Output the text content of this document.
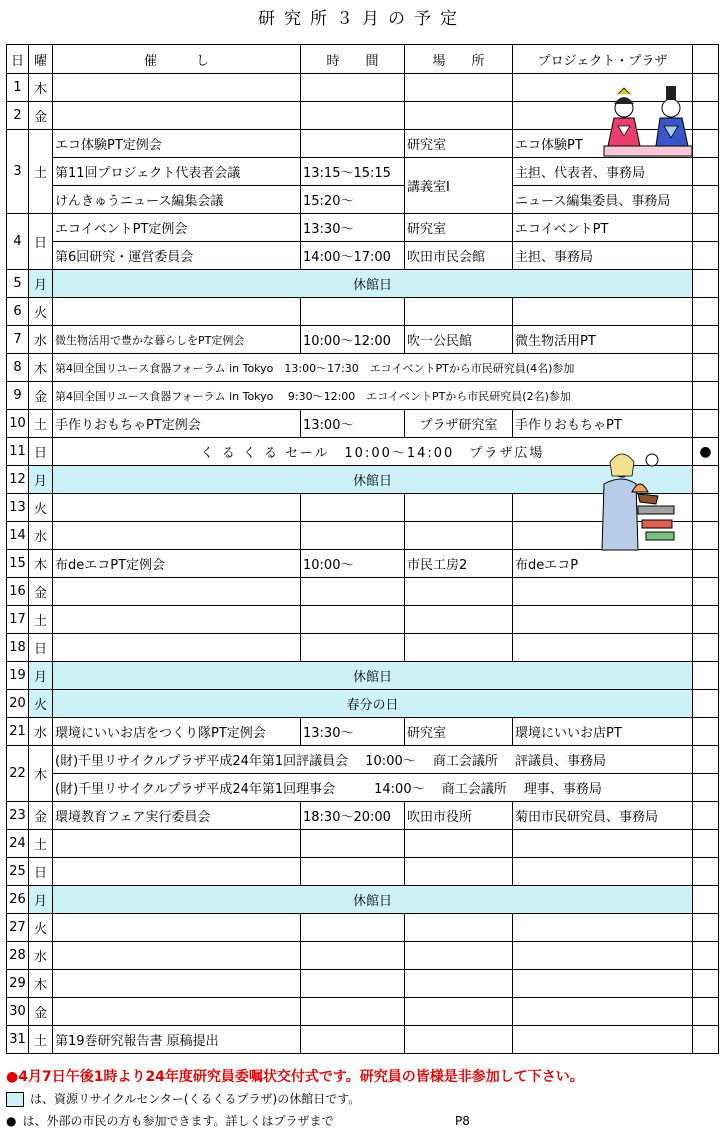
研究所３月の予定
日	曜	催　　　し	時　　間	場　　所	プロジェクト・プラザ	
1	木					
2	金					
3	土	エコ体験PT定例会		研究室	エコ体験PT	
		第11回プロジェクト代表者会議	13:15～15:15	講義室Ⅰ	主担、代表者、事務局	
		けんきゅうニュース編集会議	15:20～		ニュース編集委員、事務局	
4	日	エコイベントPT定例会	13:30～	研究室	エコイベントPT	
		第6回研究・運営委員会	14:00～17:00	吹田市民会館	主担、事務局	
5	月	休館日				
6	火					
7	水	微生物活用で豊かな暮らしをPT定例会	10:00～12:00	吹一公民館	微生物活用PT	
8	木	第4回全国リユース食器フォーラム in Tokyo　13:00～17:30　エコイベントPTから市民研究員(4名)参加				
9	金	第4回全国リユース食器フォーラム in Tokyo　 9:30～12:00　エコイベントPTから市民研究員(2名)参加				
10	土	手作りおもちゃPT定例会	13:00～	プラザ研究室	手作りおもちゃPT	
11	日	く る く る セール　10:00～14:00　プラザ広場				●
12	月	休館日				
13	火					
14	水					
15	木	布deエコPT定例会	10:00～	市民工房2	布deエコP	
16	金					
17	土					
18	日					
19	月	休館日				
20	火	春分の日				
21	水	環境にいいお店をつくり隊PT定例会	13:30～	研究室	環境にいいお店PT	
22	木	(財)千里リサイクルプラザ平成24年第1回評議員会　 10:00～　 商工会議所　 評議員、事務局				
		(財)千里リサイクルプラザ平成24年第1回理事会　　　14:00～　 商工会議所　 理事、事務局				
23	金	環境教育フェア実行委員会	18:30～20:00	吹田市役所	菊田市民研究員、事務局	
24	土					
25	日					
26	月	休館日				
27	火					
28	水					
29	木					
30	金					
31	土	第19巻研究報告書 原稿提出				
●4月7日午後1時より24年度研究員委嘱状交付式です。研究員の皆様是非参加して下さい。
は、資源リサイクルセンター(くるくるプラザ)の休館日です。
● は、外部の市民の方も参加できます。詳しくはプラザまで	P8
